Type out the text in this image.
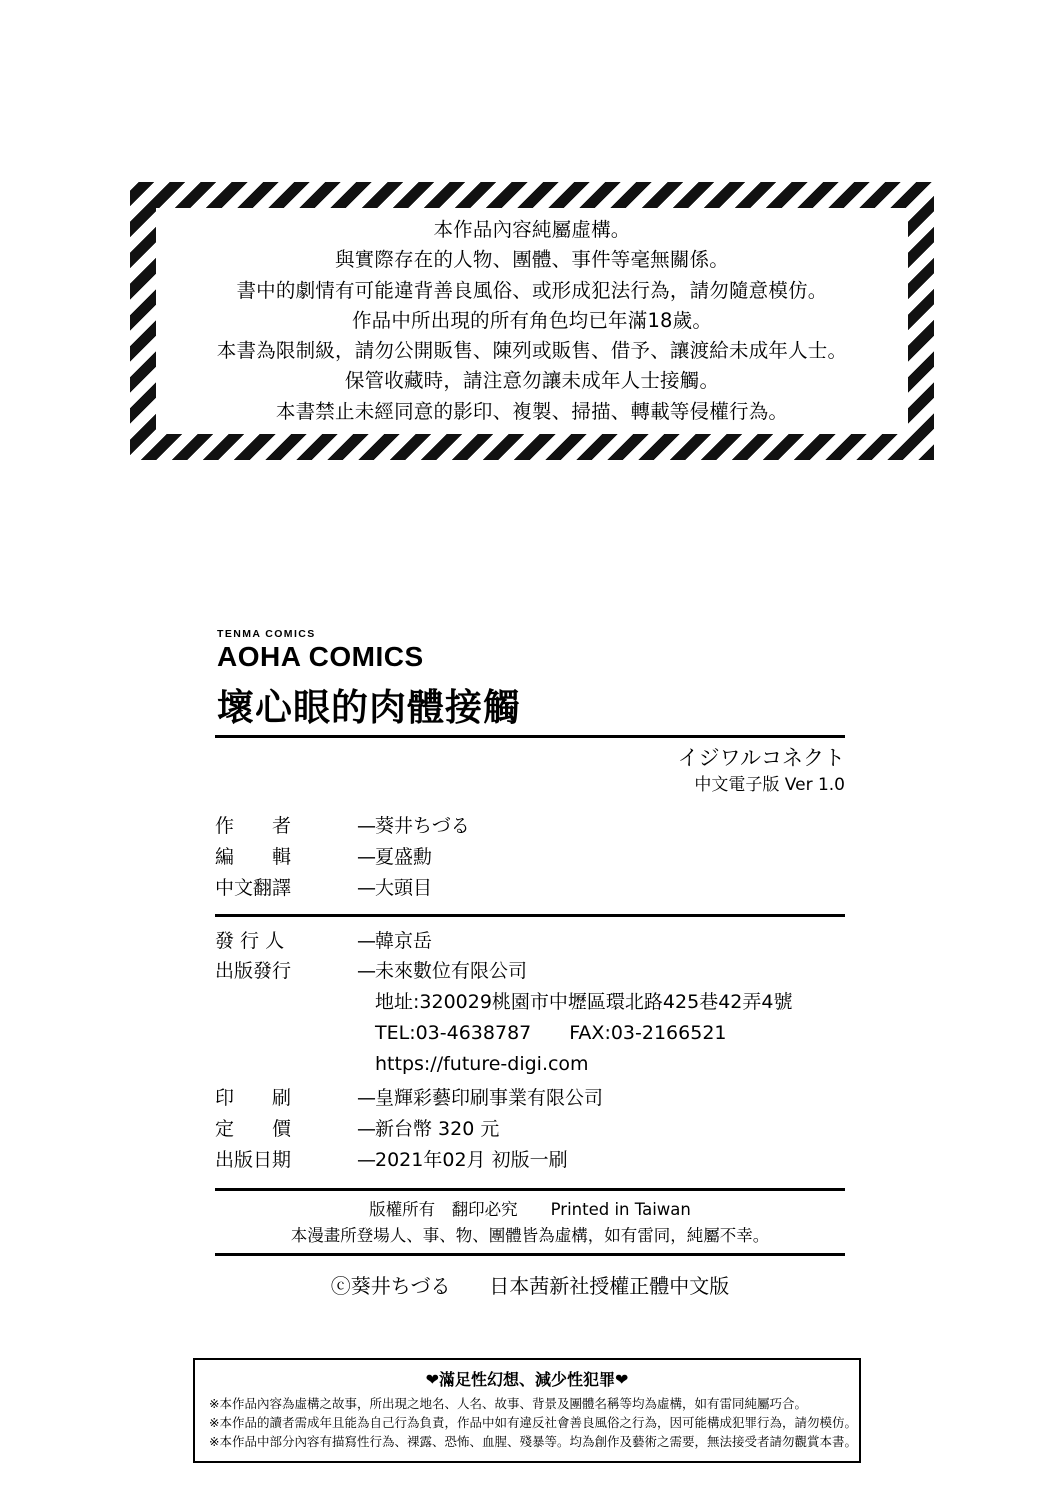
本作品內容純屬虛構。

與實際存在的人物、團體、事件等毫無關係。

書中的劇情有可能違背善良風俗、或形成犯法行為，請勿隨意模仿。

作品中所出現的所有角色均已年滿18歲。

本書為限制級，請勿公開販售、陳列或販售、借予、讓渡給未成年人士。

保管收藏時，請注意勿讓未成年人士接觸。

本書禁止未經同意的影印、複製、掃描、轉載等侵權行為。

TENMA COMICS
AOHA COMICS
壞心眼的肉體接觸
イジワルコネクト
中文電子版 Ver 1.0
作　　者	— 葵井ちづる
編　　輯	— 夏盛勳
中文翻譯	— 大頭目
發 行 人	— 韓京岳
出版發行	— 未來數位有限公司
地址:320029桃園市中壢區環北路425巷42弄4號
TEL:03-4638787　　FAX:03-2166521
https://future-digi.com
印　　刷	— 皇輝彩藝印刷事業有限公司
定　　價	— 新台幣 320 元
出版日期	— 2021年02月 初版一刷
版權所有　翻印必究　　Printed in Taiwan
本漫畫所登場人、事、物、團體皆為虛構，如有雷同，純屬不幸。
ⓒ葵井ちづる 日本茜新社授權正體中文版
❤滿足性幻想、減少性犯罪❤
※本作品內容為虛構之故事，所出現之地名、人名、故事、背景及團體名稱等均為虛構，如有雷同純屬巧合。
※本作品的讀者需成年且能為自己行為負責，作品中如有違反社會善良風俗之行為，因可能構成犯罪行為，請勿模仿。
※本作品中部分內容有描寫性行為、裸露、恐怖、血腥、殘暴等。均為創作及藝術之需要，無法接受者請勿觀賞本書。
